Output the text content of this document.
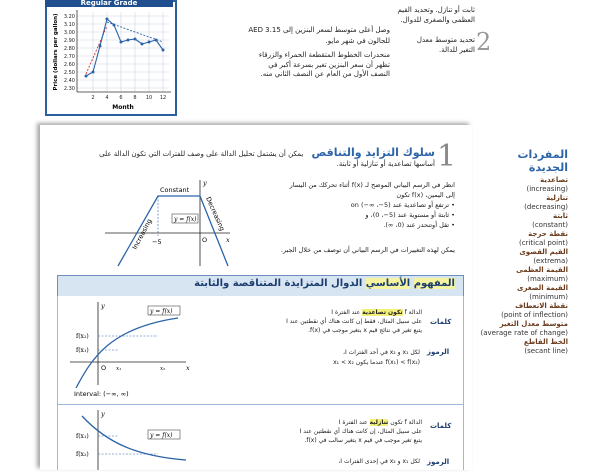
3.20
3.10
3.00
2.90
2.80
2.70
2.60
2.50
2.40
2.30
2 4 6 8 10 12
Month
Price (dollars per gallon)
Regular Grade
وصل أعلى متوسط لسعر البنزين إلى AED 3.15
للجالون في شهر مايو.
منحدرات الخطوط المتقطعة الحمراء والزرقاء
تظهر أن سعر البنزين تغير بسرعة أكبر في
النصف الأول من العام عن النصف الثاني منه.
ثابت أو تنازل. وتحديد القيم
العظمى والصغرى للدوال.
2
تحديد متوسط معدل
التغير للدالة.
1
سلوك التزايد والتناقص يمكن أن يشتمل تحليل الدالة على وصف للفترات التي تكون الدالة على
أساسها تصاعدية أو تنازلية أو ثابتة.
Constant
Increasing
Decreasing
y = f(x)
y
x
O
−5
انظر في الرسم البياني الموضح لـ f(x) أثناء تحركك من اليسار
إلى اليمين، f(x) تكون
• ترتفع أو تصاعدية عند (5−، ∞−) on
• ثابتة أو مستوية عند (5−، 0)، و
• تقل أوتنحدر عند (0، ∞).
يمكن لهذه التغييرات في الرسم البياني أن توصف من خلال الجبر.
المفهوم الأساسي الدوال المتزايدة المتناقصة والثابتة
y = f(x)
f(x₂)
f(x₁)
O x₁	x₂
y
x
Interval: (−∞, ∞)
كلمات
الدالة f تكون تصاعدية عند الفترة I
على سبيل المثال، فقط إن كانت هناك أي نقطتين عند I
يتبع تغير في نتائج قيم x بتغير موجب في f(x).
الرموز
لكل x₁ و x₂ في أحد الفترات I،
f(x₁) < f(x₂) عندما يكون x₁ < x₂
y = f(x)
f(x₁)
f(x₂)
y
كلمات
الدالة f تكون تنازلية عند الفترة I
على سبيل المثال، إن كانت هناك أي نقطتين عند I
يتبع تغير موجب في قيم x بتغير سالب في f(x).
الرموز
لكل x₁ و x₂ في إحدى الفترات I،
المفردات
الجديدة
تصاعدية
(increasing)
تنازلية
(decreasing)
ثابتة
(constant)
نقطة حرجة
(critical point)
القيم القصوى
(extrema)
القيمة العظمى
(maximum)
القيمة الصغرى
(minimum)
نقطة الانعطاف
(point of inflection)
متوسط معدل التغير
(average rate of change)
الخط القاطع
(secant line)
